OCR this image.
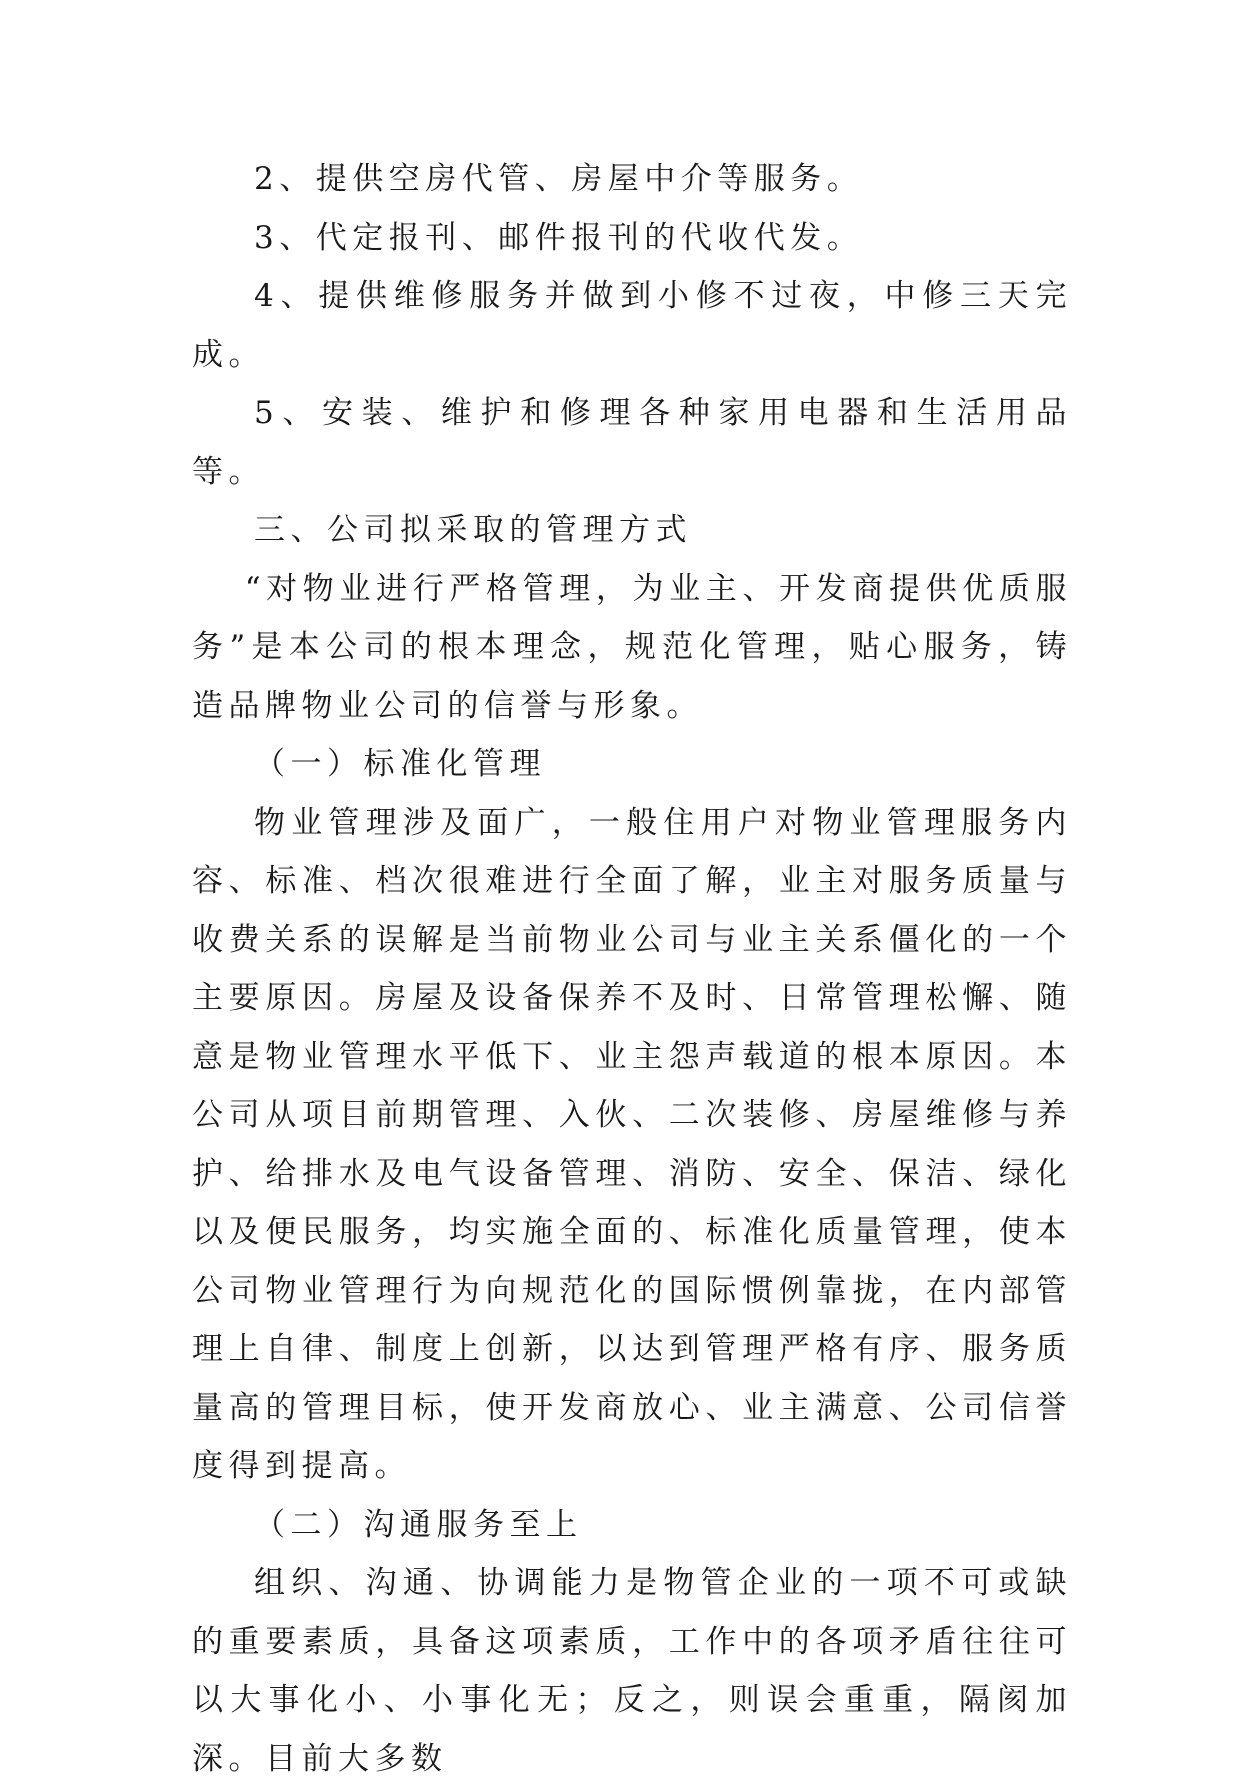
2、提供空房代管、房屋中介等服务。

3、代定报刊、邮件报刊的代收代发。

4、提供维修服务并做到小修不过夜，中修三天完成。

5、安装、维护和修理各种家用电器和生活用品等。

三、公司拟采取的管理方式

“对物业进行严格管理，为业主、开发商提供优质服务”是本公司的根本理念，规范化管理，贴心服务，铸造品牌物业公司的信誉与形象。

（一）标准化管理

物业管理涉及面广，一般住用户对物业管理服务内容、标准、档次很难进行全面了解，业主对服务质量与收费关系的误解是当前物业公司与业主关系僵化的一个主要原因。房屋及设备保养不及时、日常管理松懈、随意是物业管理水平低下、业主怨声载道的根本原因。本公司从项目前期管理、入伙、二次装修、房屋维修与养护、给排水及电气设备管理、消防、安全、保洁、绿化以及便民服务，均实施全面的、标准化质量管理，使本公司物业管理行为向规范化的国际惯例靠拢，在内部管理上自律、制度上创新，以达到管理严格有序、服务质量高的管理目标，使开发商放心、业主满意、公司信誉度得到提高。

（二）沟通服务至上

组织、沟通、协调能力是物管企业的一项不可或缺的重要素质，具备这项素质，工作中的各项矛盾往往可以大事化小、小事化无；反之，则误会重重，隔阂加深。目前大多数
